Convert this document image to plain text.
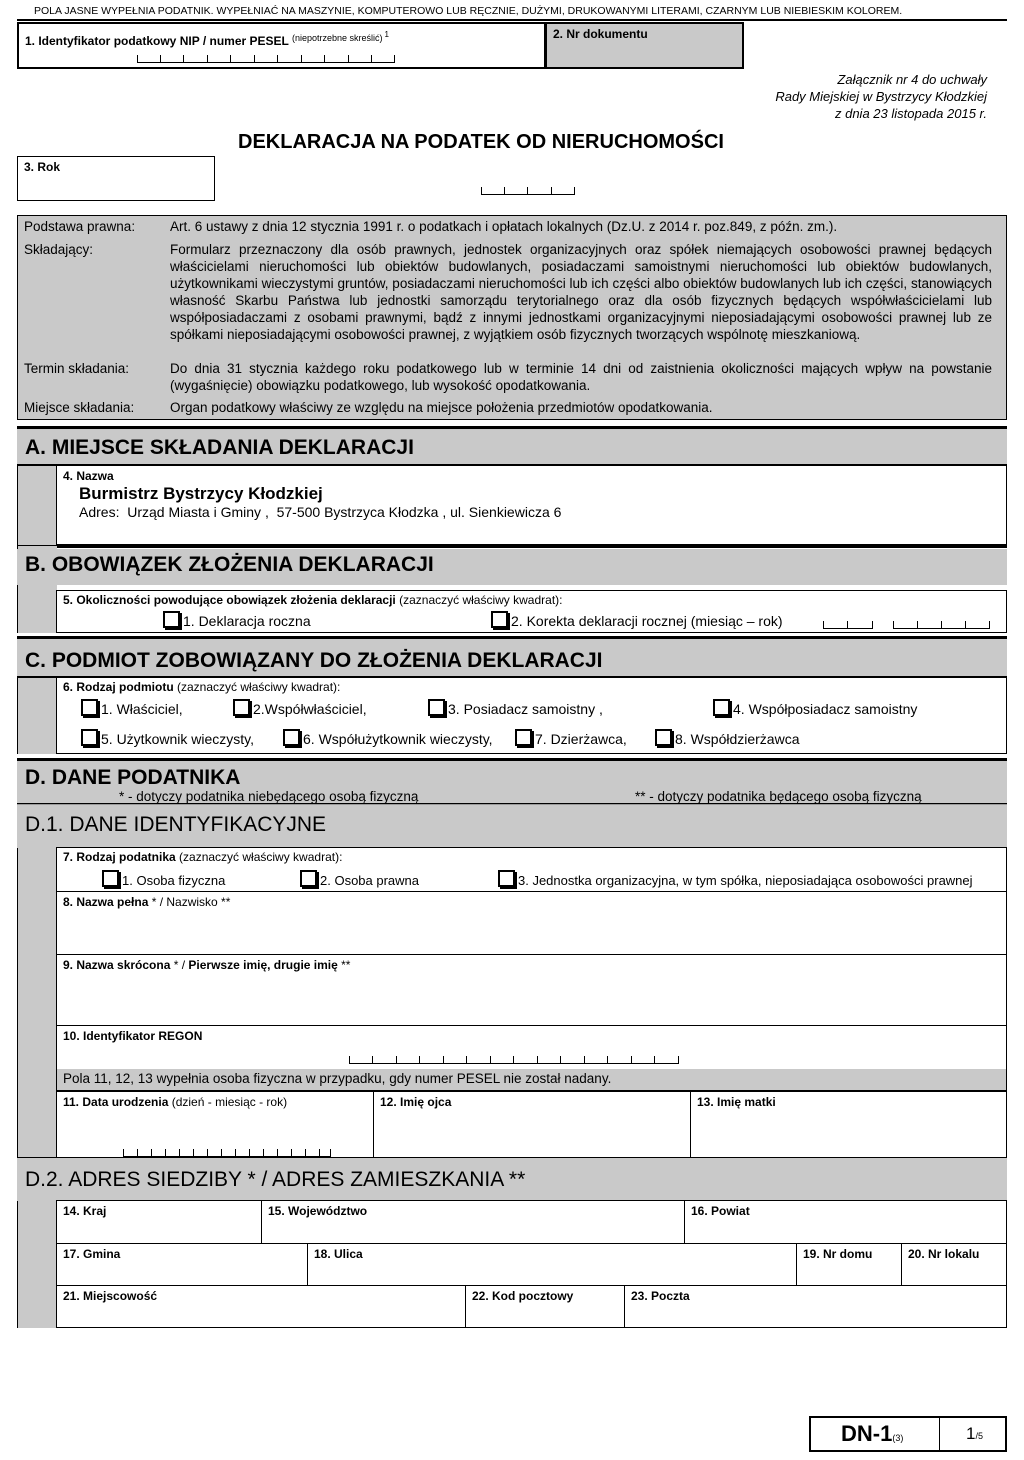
POLA JASNE WYPEŁNIA PODATNIK. WYPEŁNIAĆ NA MASZYNIE, KOMPUTEROWO LUB RĘCZNIE, DUŻYMI, DRUKOWANYMI LITERAMI, CZARNYM LUB NIEBIESKIM KOLOREM.
1. Identyfikator podatkowy NIP / numer PESEL $^{(niepotrzebne skreślić)}$ $^1$	2. Nr dokumentu
Załącznik nr 4 do uchwały
Rady Miejskiej w Bystrzycy Kłodzkiej
z dnia 23 listopada 2015 r.
DEKLARACJA NA PODATEK OD NIERUCHOMOŚCI
3. Rok
Podstawa prawna:	Art. 6 ustawy z dnia 12 stycznia 1991 r. o podatkach i opłatach lokalnych (Dz.U. z 2014 r. poz.849, z późn. zm.).
Składający:	Formularz przeznaczony dla osób prawnych, jednostek organizacyjnych oraz spółek niemających osobowości prawnej będących właścicielami nieruchomości lub obiektów budowlanych, posiadaczami samoistnymi nieruchomości lub obiektów budowlanych, użytkownikami wieczystymi gruntów, posiadaczami nieruchomości lub ich części albo obiektów budowlanych lub ich części, stanowiących własność Skarbu Państwa lub jednostki samorządu terytorialnego oraz dla osób fizycznych będących współwłaścicielami lub współposiadaczami z osobami prawnymi, bądź z innymi jednostkami organizacyjnymi nieposiadającymi osobowości prawnej lub ze spółkami nieposiadającymi osobowości prawnej, z wyjątkiem osób fizycznych tworzących wspólnotę mieszkaniową.
Termin składania:	Do dnia 31 stycznia każdego roku podatkowego lub w terminie 14 dni od zaistnienia okoliczności mających wpływ na powstanie (wygaśnięcie) obowiązku podatkowego, lub wysokość opodatkowania.
Miejsce składania:	Organ podatkowy właściwy ze względu na miejsce położenia przedmiotów opodatkowania.
A. MIEJSCE SKŁADANIA DEKLARACJI
4. Nazwa
Burmistrz Bystrzycy Kłodzkiej
Adres:  Urząd Miasta i Gminy ,  57-500 Bystrzyca Kłodzka , ul. Sienkiewicza 6
B. OBOWIĄZEK ZŁOŻENIA DEKLARACJI
5. Okoliczności powodujące obowiązek złożenia deklaracji (zaznaczyć właściwy kwadrat):
1. Deklaracja roczna	2. Korekta deklaracji rocznej (miesiąc – rok)
C. PODMIOT ZOBOWIĄZANY DO ZŁOŻENIA DEKLARACJI
6. Rodzaj podmiotu (zaznaczyć właściwy kwadrat):
1. Właściciel,	2.Współwłaściciel,	3. Posiadacz samoistny ,	4. Współposiadacz samoistny
5. Użytkownik wieczysty,	6. Współużytkownik wieczysty,	7. Dzierżawca,	8. Współdzierżawca
D. DANE PODATNIKA
* - dotyczy podatnika niebędącego osobą fizyczną	** - dotyczy podatnika będącego osobą fizyczną
D.1. DANE IDENTYFIKACYJNE
7. Rodzaj podatnika (zaznaczyć właściwy kwadrat):
1. Osoba fizyczna	2. Osoba prawna	3. Jednostka organizacyjna, w tym spółka, nieposiadająca osobowości prawnej
8. Nazwa pełna * / Nazwisko **
9. Nazwa skrócona * / Pierwsze imię, drugie imię **
10. Identyfikator REGON
Pola 11, 12, 13 wypełnia osoba fizyczna w przypadku, gdy numer PESEL nie został nadany.
11. Data urodzenia (dzień - miesiąc - rok)	12. Imię ojca	13. Imię matki
D.2. ADRES SIEDZIBY * / ADRES ZAMIESZKANIA **
14. Kraj	15. Województwo	16. Powiat
17. Gmina	18. Ulica	19. Nr domu	20. Nr lokalu
21. Miejscowość	22. Kod pocztowy	23. Poczta
DN-1(3)	1/5
